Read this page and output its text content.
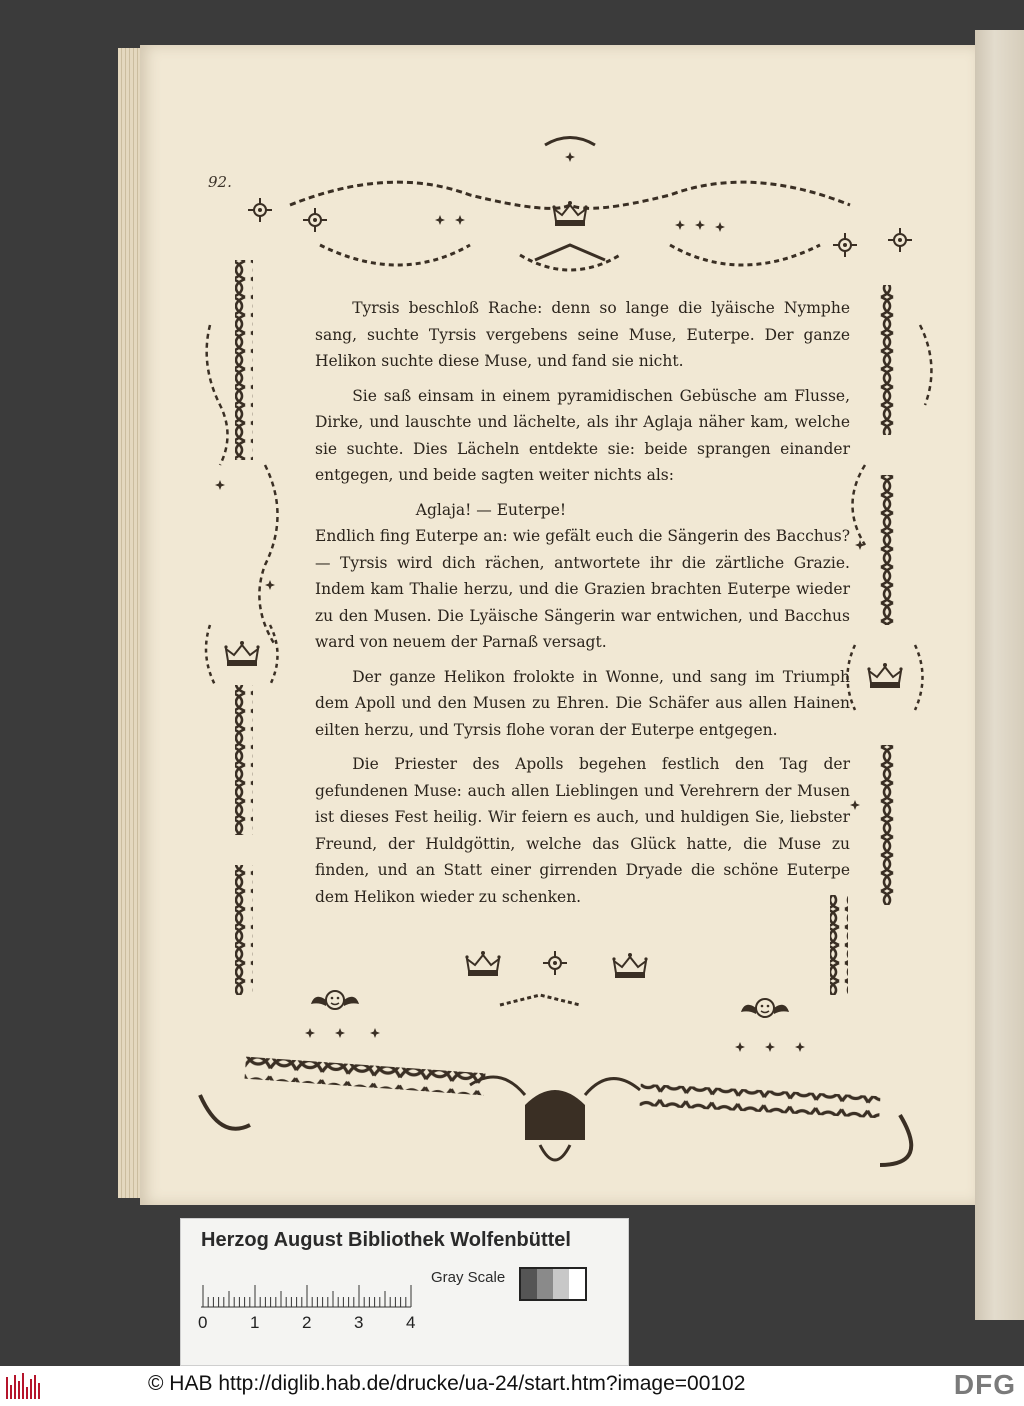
92.

Tyrsis beschloß Rache: denn so lange die lyäische Nymphe sang, suchte Tyrsis vergebens seine Muse, Euterpe. Der ganze Helikon suchte diese Muse, und fand sie nicht.

Sie saß einsam in einem pyramidischen Gebüsche am Flusse, Dirke, und lauschte und lächelte, als ihr Aglaja näher kam, welche sie suchte. Dies Lächeln entdekte sie: beide sprangen einander entgegen, und beide sagten weiter nichts als:

Aglaja! — Euterpe!

Endlich fing Euterpe an: wie gefält euch die Sängerin des Bacchus? — Tyrsis wird dich rächen, antwortete ihr die zärtliche Grazie. Indem kam Thalie herzu, und die Grazien brachten Euterpe wieder zu den Musen. Die Lyäische Sängerin war entwichen, und Bacchus ward von neuem der Parnaß versagt.

Der ganze Helikon frolokte in Wonne, und sang im Triumph dem Apoll und den Musen zu Ehren. Die Schäfer aus allen Hainen eilten herzu, und Tyrsis flohe voran der Euterpe entgegen.

Die Priester des Apolls begehen festlich den Tag der gefundenen Muse: auch allen Lieblingen und Verehrern der Musen ist dieses Fest heilig. Wir feiern es auch, und huldigen Sie, liebster Freund, der Huldgöttin, welche das Glück hatte, die Muse zu finden, und an Statt einer girrenden Dryade die schöne Euterpe dem Helikon wieder zu schenken.

Herzog August Bibliothek Wolfenbüttel
Gray Scale
0	1	2	3	4
© HAB http://diglib.hab.de/drucke/ua-24/start.htm?image=00102	DFG
